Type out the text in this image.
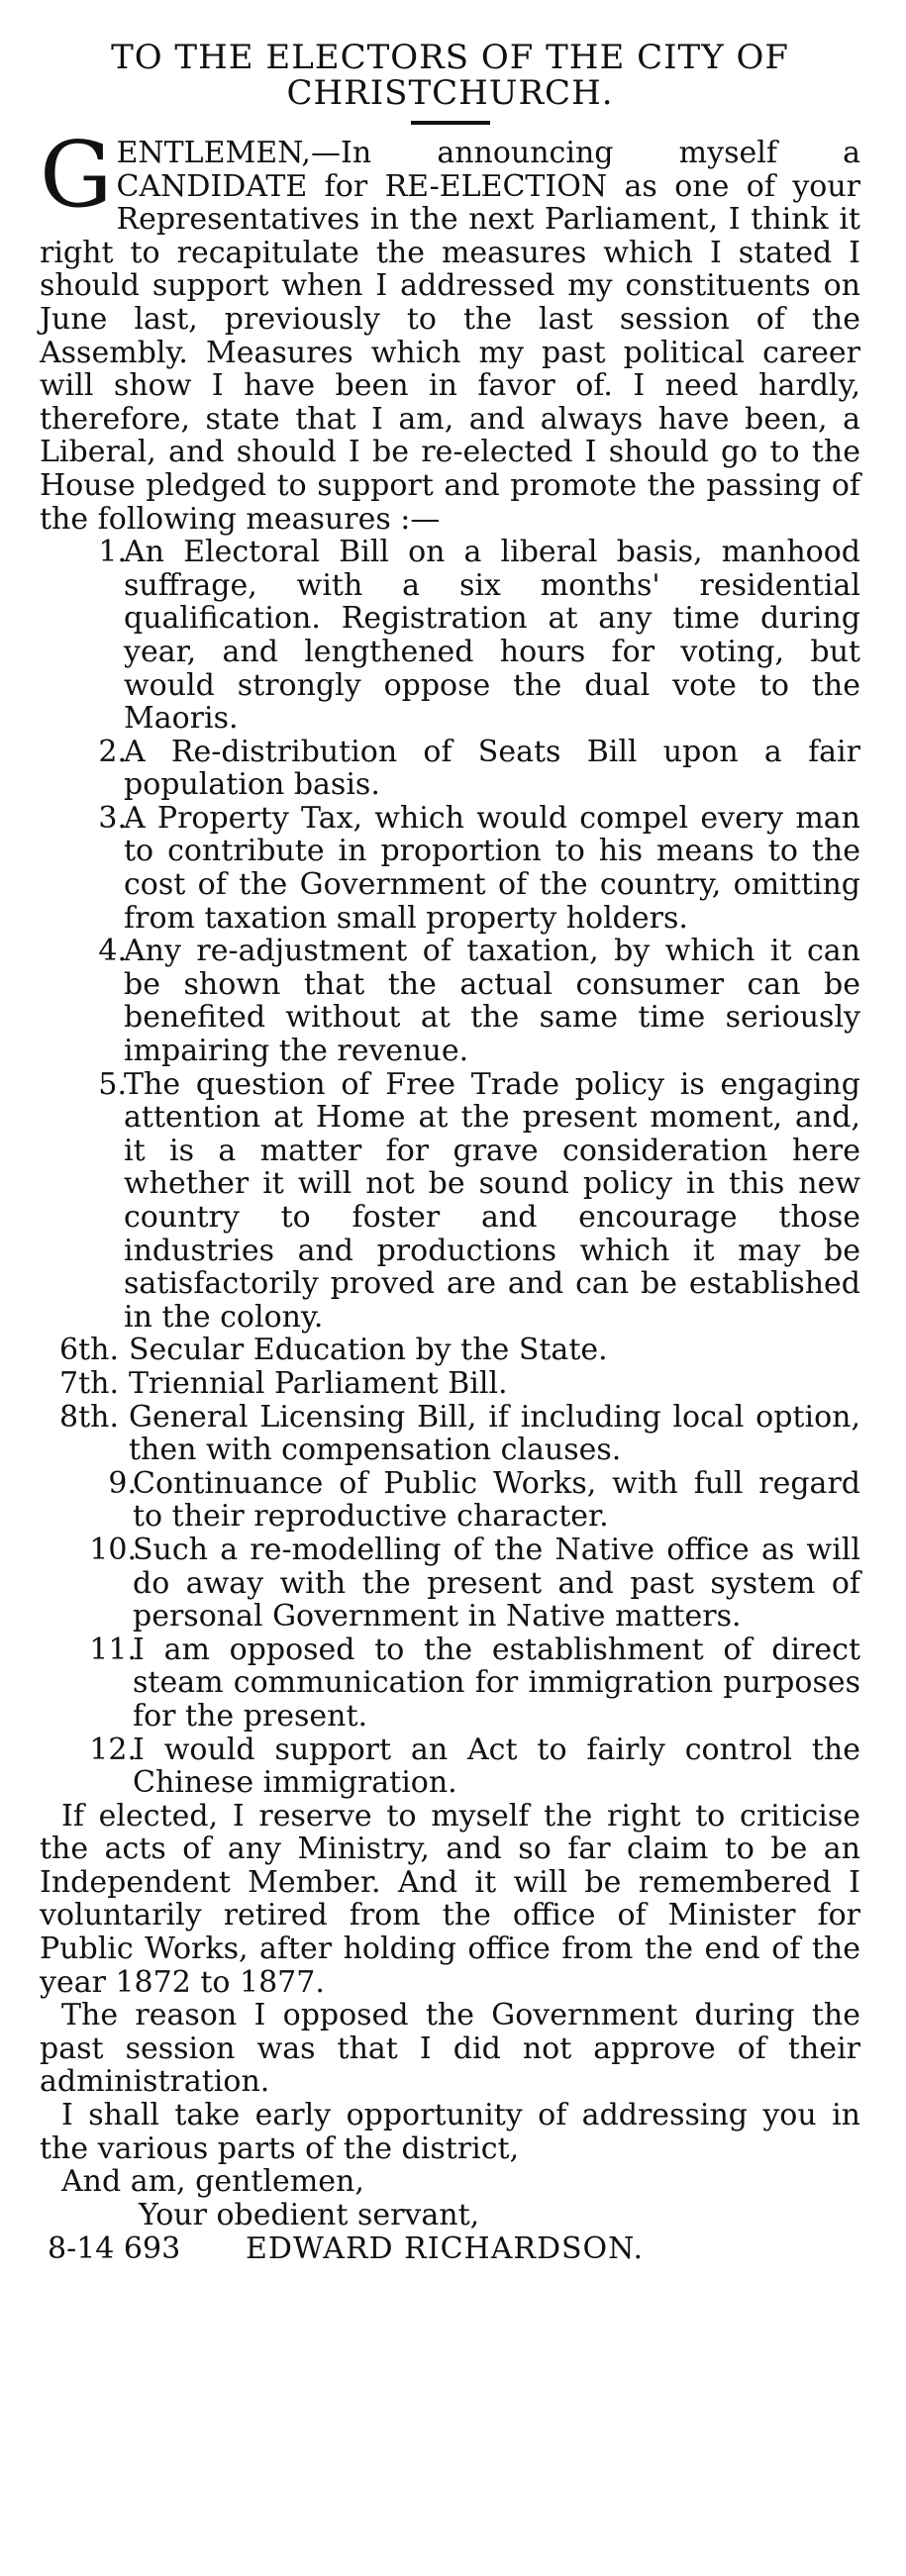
TO THE ELECTORS OF THE CITY OF
CHRISTCHURCH.

GENTLEMEN,—In announcing myself a CANDIDATE for RE-ELECTION as one of your Representatives in the next Parliament, I think it right to recapitulate the measures which I stated I should support when I addressed my constituents on June last, previously to the last session of the Assembly. Measures which my past political career will show I have been in favor of. I need hardly, therefore, state that I am, and always have been, a Liberal, and should I be re-elected I should go to the House pledged to support and promote the passing of the following measures :—

1.
An Electoral Bill on a liberal basis, manhood suffrage, with a six months' residential qualification. Registration at any time during year, and lengthened hours for voting, but would strongly oppose the dual vote to the Maoris.
2.
A Re-distribution of Seats Bill upon a fair population basis.
3.
A Property Tax, which would compel every man to contribute in proportion to his means to the cost of the Government of the country, omitting from taxation small property holders.
4.
Any re-adjustment of taxation, by which it can be shown that the actual consumer can be benefited without at the same time seriously impairing the revenue.
5.
The question of Free Trade policy is engaging attention at Home at the present moment, and, it is a matter for grave consideration here whether it will not be sound policy in this new country to foster and encourage those industries and productions which it may be satisfactorily proved are and can be established in the colony.
6th. Secular Education by the State.
7th. Triennial Parliament Bill.
8th. General Licensing Bill, if including local option, then with compensation clauses.
9.
Continuance of Public Works, with full regard to their reproductive character.
10.
Such a re-modelling of the Native office as will do away with the present and past system of personal Government in Native matters.
11.
I am opposed to the establishment of direct steam communication for immigration purposes for the present.
12.
I would support an Act to fairly control the Chinese immigration.

If elected, I reserve to myself the right to criticise the acts of any Ministry, and so far claim to be an Independent Member. And it will be remembered I voluntarily retired from the office of Minister for Public Works, after holding office from the end of the year 1872 to 1877.

The reason I opposed the Government during the past session was that I did not approve of their administration.

I shall take early opportunity of addressing you in the various parts of the district,

And am, gentlemen,
Your obedient servant,
8-14 693	EDWARD RICHARDSON.
